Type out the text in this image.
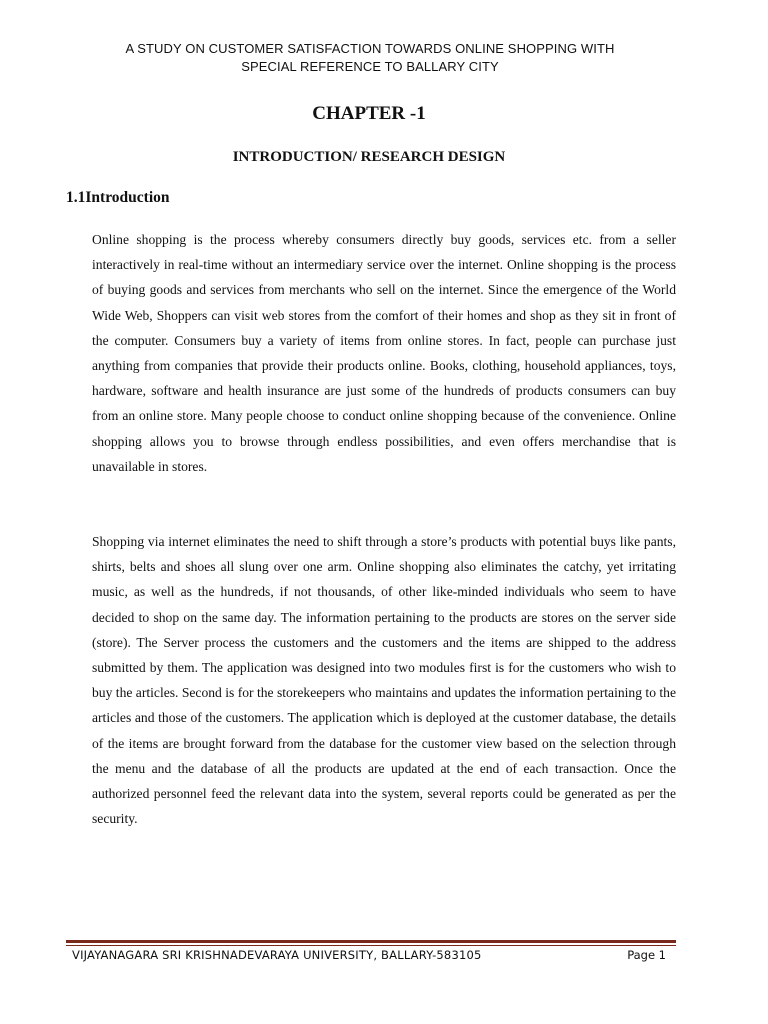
A STUDY ON CUSTOMER SATISFACTION TOWARDS ONLINE SHOPPING WITH
SPECIAL REFERENCE TO BALLARY CITY
CHAPTER -1
INTRODUCTION/ RESEARCH DESIGN
1.1Introduction

Online shopping is the process whereby consumers directly buy goods, services etc. from a seller interactively in real-time without an intermediary service over the internet. Online shopping is the process of buying goods and services from merchants who sell on the internet. Since the emergence of the World Wide Web, Shoppers can visit web stores from the comfort of their homes and shop as they sit in front of the computer. Consumers buy a variety of items from online stores. In fact, people can purchase just anything from companies that provide their products online. Books, clothing, household appliances, toys, hardware, software and health insurance are just some of the hundreds of products consumers can buy from an online store. Many people choose to conduct online shopping because of the convenience. Online shopping allows you to browse through endless possibilities, and even offers merchandise that is unavailable in stores.

Shopping via internet eliminates the need to shift through a store’s products with potential buys like pants, shirts, belts and shoes all slung over one arm. Online shopping also eliminates the catchy, yet irritating music, as well as the hundreds, if not thousands, of other like-minded individuals who seem to have decided to shop on the same day. The information pertaining to the products are stores on the server side (store). The Server process the customers and the customers and the items are shipped to the address submitted by them. The application was designed into two modules first is for the customers who wish to buy the articles. Second is for the storekeepers who maintains and updates the information pertaining to the articles and those of the customers. The application which is deployed at the customer database, the details of the items are brought forward from the database for the customer view based on the selection through the menu and the database of all the products are updated at the end of each transaction. Once the authorized personnel feed the relevant data into the system, several reports could be generated as per the security.

VIJAYANAGARA SRI KRISHNADEVARAYA UNIVERSITY, BALLARY-583105	Page 1
